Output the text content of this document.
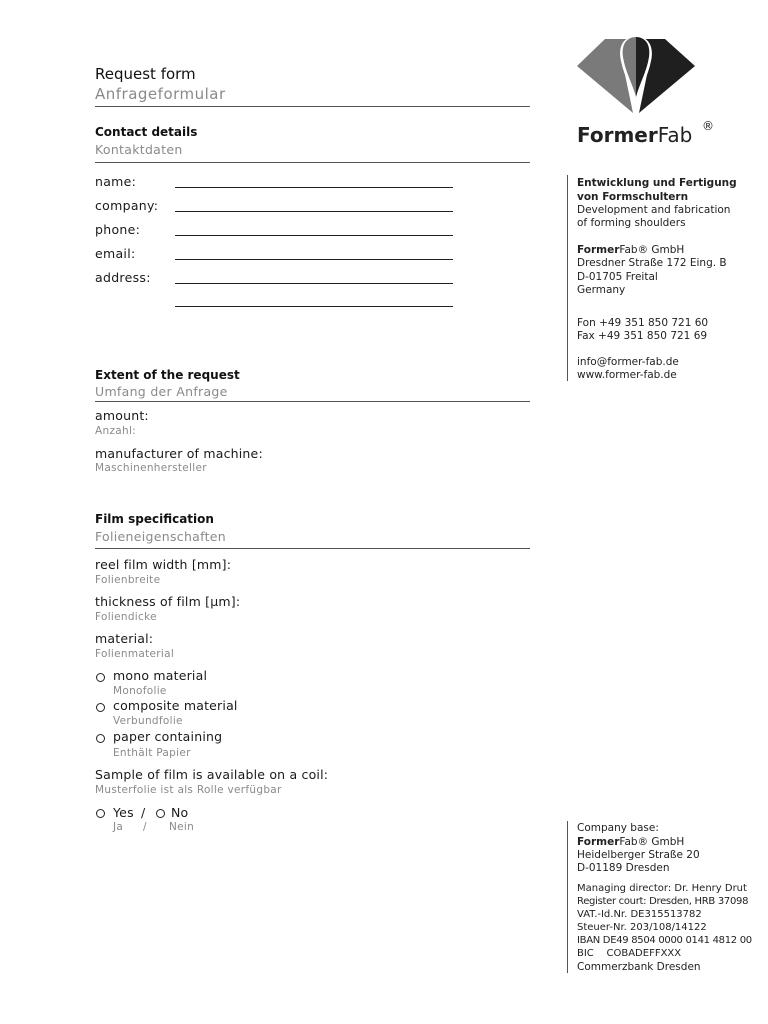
Request form
Anfrageformular
Contact details
Kontaktdaten
name:
company:
phone:
email:
address:
Extent of the request
Umfang der Anfrage
amount:
Anzahl:
manufacturer of machine:
Maschinenhersteller
Film specification
Folieneigenschaften
reel film width [mm]:
Folienbreite
thickness of film [μm]:
Foliendicke
material:
Folienmaterial
mono material
Monofolie
composite material
Verbundfolie
paper containing
Enthält Papier
Sample of film is available on a coil:
Musterfolie ist als Rolle verfügbar
Yes / No
Ja / Nein
FormerFab ®
Entwicklung und Fertigung
von Formschultern
Development and fabrication
of forming shoulders
FormerFab® GmbH
Dresdner Straße 172 Eing. B
D-01705 Freital
Germany
Fon +49 351 850 721 60
Fax +49 351 850 721 69
info@former-fab.de
www.former-fab.de
Company base:
FormerFab® GmbH
Heidelberger Straße 20
D-01189 Dresden
Managing director: Dr. Henry Drut
Register court: Dresden, HRB 37098
VAT.-Id.Nr. DE315513782
Steuer-Nr. 203/108/14122
IBAN DE49 8504 0000 0141 4812 00
BIC    COBADEFFXXX
Commerzbank Dresden
